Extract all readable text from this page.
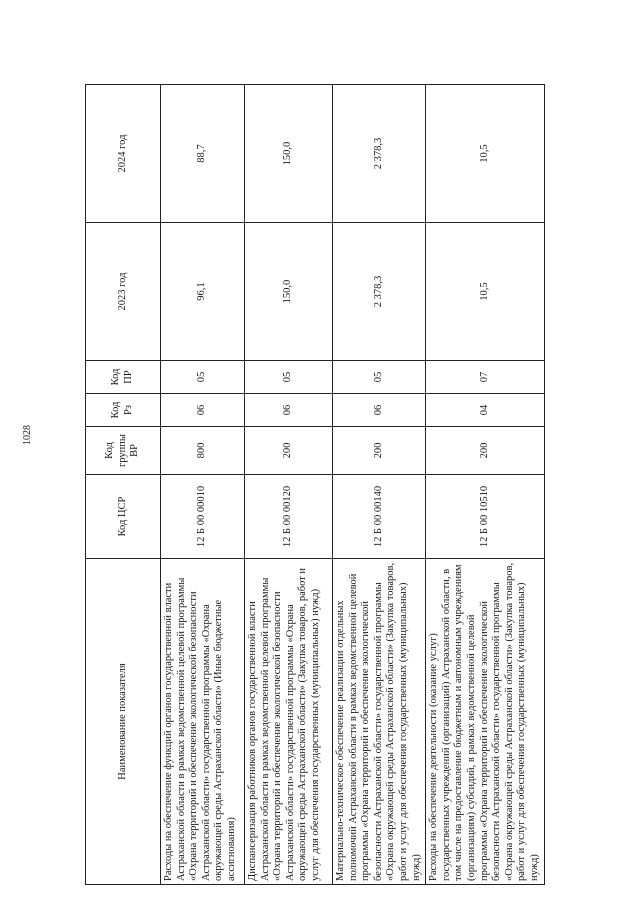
1028
Наименование показателя	Код ЦСР	Код группы ВР	Код Рз	Код ПР	2023 год	2024 год
Расходы на обеспечение функций органов государственной власти Астраханской области в рамках ведомственной целевой программы «Охрана территорий и обеспечение экологической безопасности Астраханской области» государственной программы «Охрана окружающей среды Астраханской области» (Иные бюджетные ассигнования)	12 Б 00 00010	800	06	05	96,1	88,7
Диспансеризация работников органов государственной власти Астраханской области в рамках ведомственной целевой программы «Охрана территорий и обеспечение экологической безопасности Астраханской области» государственной программы «Охрана окружающей среды Астраханской области» (Закупка товаров, работ и услуг для обеспечения государственных (муниципальных) нужд)	12 Б 00 00120	200	06	05	150,0	150,0
Материально-техническое обеспечение реализации отдельных полномочий Астраханской области в рамках ведомственной целевой программы «Охрана территорий и обеспечение экологической безопасности Астраханской области» государственной программы «Охрана окружающей среды Астраханской области» (Закупка товаров, работ и услуг для обеспечения государственных (муниципальных) нужд)	12 Б 00 00140	200	06	05	2 378,3	2 378,3
Расходы на обеспечение деятельности (оказание услуг) государственных учреждений (организаций) Астраханской области, в том числе на предоставление бюджетным и автономным учреждениям (организациям) субсидий, в рамках ведомственной целевой программы «Охрана территорий и обеспечение экологической безопасности Астраханской области» государственной программы «Охрана окружающей среды Астраханской области» (Закупка товаров, работ и услуг для обеспечения государственных (муниципальных) нужд)	12 Б 00 10510	200	04	07	10,5	10,5
